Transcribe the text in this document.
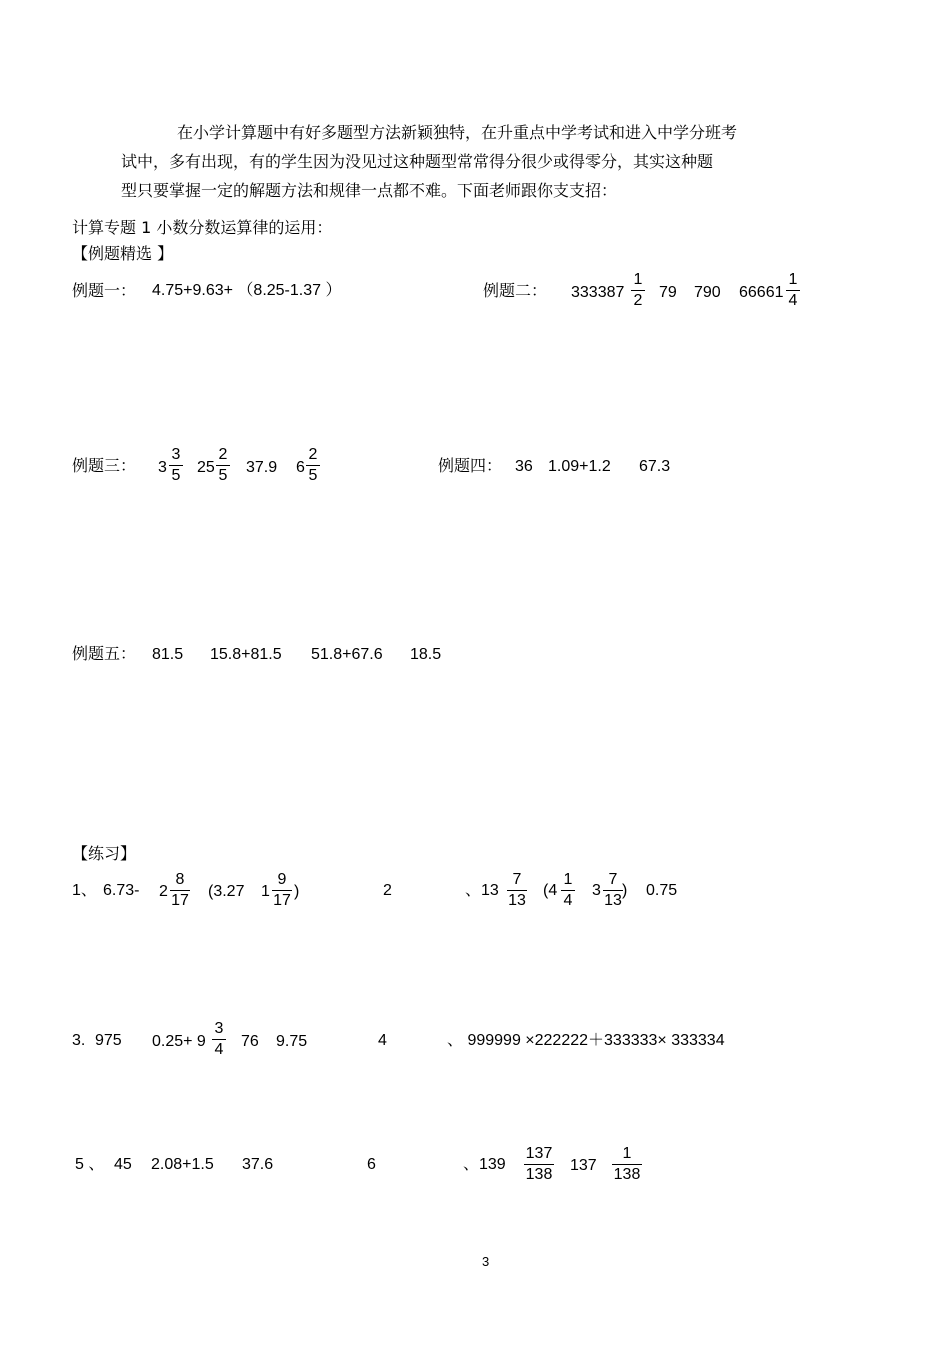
在小学计算题中有好多题型方法新颖独特，在升重点中学考试和进入中学分班考
试中，多有出现，有的学生因为没见过这种题型常常得分很少或得零分，其实这种题
型只要掌握一定的解题方法和规律一点都不难。下面老师跟你支支招：
计算专题 1 小数分数运算律的运用：
【例题精选 】
例题一： 4.75+9.63+ （8.25-1.37 ）	例题二： 333387
1
2	79 790 66661
1
4
例题三： 3
3
5	25
2
5	37.9 6
2
5
例题四： 36 1.09+1.2 67.3
例题五： 81.5 15.8+81.5 51.8+67.6 18.5
【练习】
1、 6.73- 2
8
17
(3.27 1
9
17
)	2	、13
7
13
(4
1
4
3
7
13
) 0.75
3. 975 0.25+ 9
3
4	76 9.75	4	、 999999 ×222222＋333333× 333334
5 、 45 2.08+1.5 37.6	6	、139
137
138
137
1
138
3
